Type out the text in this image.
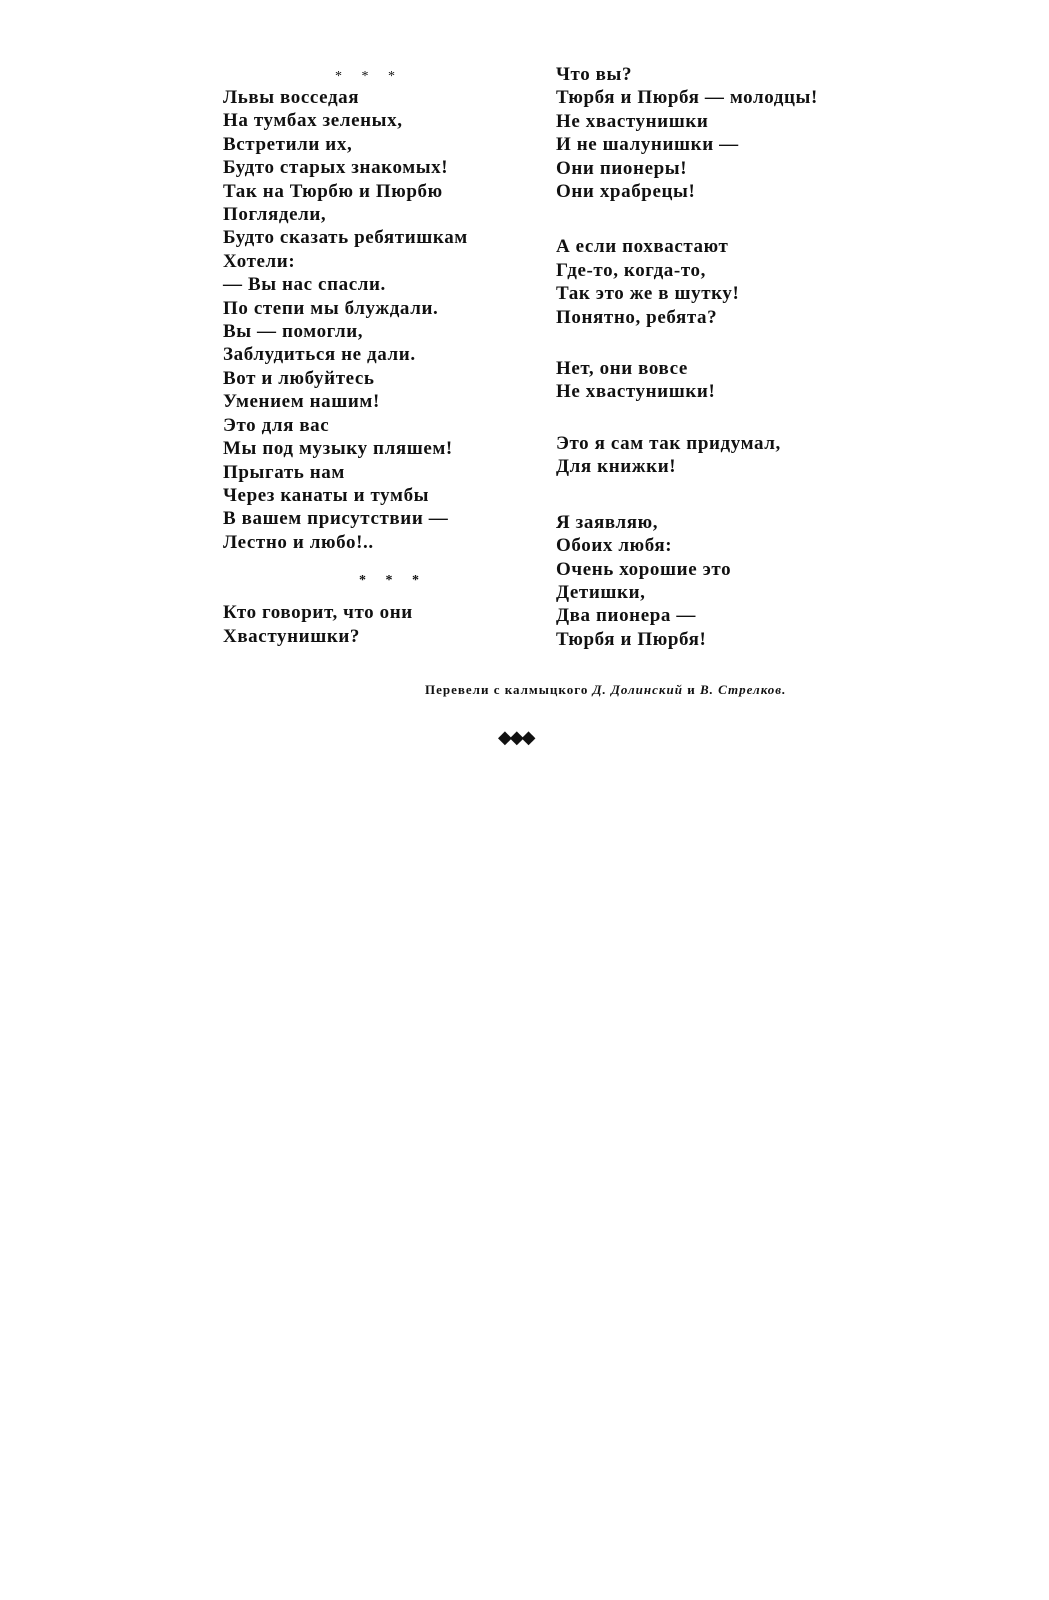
* * *
Львы восседая
На тумбах зеленых,
Встретили их,
Будто старых знакомых!
Так на Тюрбю и Пюрбю
Поглядели,
Будто сказать ребятишкам
Хотели:
— Вы нас спасли.
По степи мы блуждали.
Вы — помогли,
Заблудиться не дали.
Вот и любуйтесь
Умением нашим!
Это для вас
Мы под музыку пляшем!
Прыгать нам
Через канаты и тумбы
В вашем присутствии —
Лестно и любо!..
* * *
Кто говорит, что они
Хвастунишки?
Что вы?
Тюрбя и Пюрбя — молодцы!
Не хвастунишки
И не шалунишки —
Они пионеры!
Они храбрецы!
А если похвастают
Где-то, когда-то,
Так это же в шутку!
Понятно, ребята?
Нет, они вовсе
Не хвастунишки!
Это я сам так придумал,
Для книжки!
Я заявляю,
Обоих любя:
Очень хорошие это
Детишки,
Два пионера —
Тюрбя и Пюрбя!
Перевели с калмыцкого Д. Долинский и В. Стрелков.
◆◆◆
